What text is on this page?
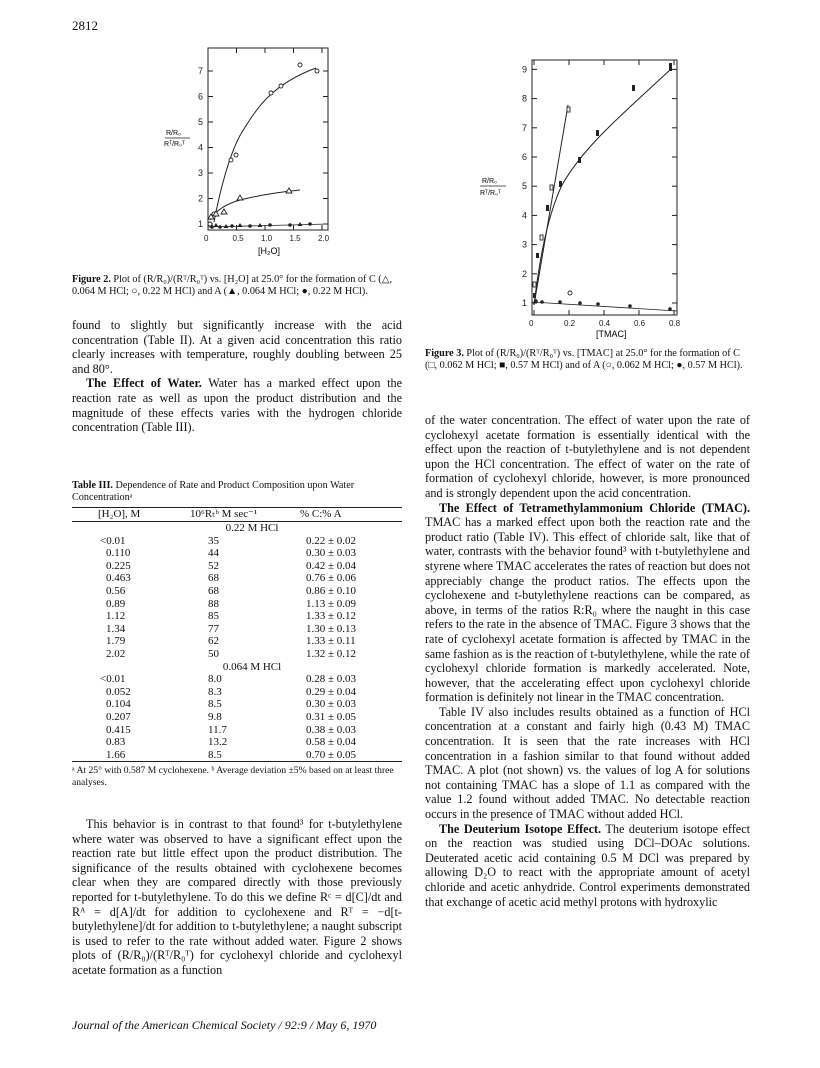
2812
1
2
3
4
5
6
7
0	0.5 1.0 1.5 2.0
R/R₀
Rᵀ/R₀ᵀ
[H₂O]
Figure 2. Plot of (R/R₀)/(Rᵀ/R₀ᵀ) vs. [H₂O] at 25.0° for the formation of C (△, 0.064 M HCl; ○, 0.22 M HCl) and A (▲, 0.064 M HCl; ●, 0.22 M HCl).
1
2
3
4
5
6
7
8
9
0	0.2	0.4	0.6	0.8
R/R₀
Rᵀ/R₀ᵀ
[TMAC]
Figure 3. Plot of (R/R₀)/(Rᵀ/R₀ᵀ) vs. [TMAC] at 25.0° for the formation of C (□, 0.062 M HCl; ■, 0.57 M HCl) and of A (○, 0.062 M HCl; ●, 0.57 M HCl).

found to slightly but significantly increase with the acid concentration (Table II). At a given acid concentration this ratio clearly increases with temperature, roughly doubling between 25 and 80°.

The Effect of Water. Water has a marked effect upon the reaction rate as well as upon the product distribution and the magnitude of these effects varies with the hydrogen chloride concentration (Table III).

Table III. Dependence of Rate and Product Composition upon Water Concentrationᵃ
[H₂O], M	10⁶Rₜᵇ M sec⁻¹	% C:% A
0.22 M HCl		
<0.01	35	0.22 ± 0.02
0.110	44	0.30 ± 0.03
0.225	52	0.42 ± 0.04
0.463	68	0.76 ± 0.06
0.56	68	0.86 ± 0.10
0.89	88	1.13 ± 0.09
1.12	85	1.33 ± 0.12
1.34	77	1.30 ± 0.13
1.79	62	1.33 ± 0.11
2.02	50	1.32 ± 0.12
0.064 M HCl		
<0.01	8.0	0.28 ± 0.03
0.052	8.3	0.29 ± 0.04
0.104	8.5	0.30 ± 0.03
0.207	9.8	0.31 ± 0.05
0.415	11.7	0.38 ± 0.03
0.83	13.2	0.58 ± 0.04
1.66	8.5	0.70 ± 0.05
ᵃ At 25° with 0.587 M cyclohexene. ᵇ Average deviation ±5% based on at least three analyses.

This behavior is in contrast to that found³ for t-butylethylene where water was observed to have a significant effect upon the reaction rate but little effect upon the product distribution. The significance of the results obtained with cyclohexene becomes clear when they are compared directly with those previously reported for t-butylethylene. To do this we define Rᶜ = d[C]/dt and Rᴬ = d[A]/dt for addition to cyclohexene and Rᵀ = −d[t-butylethylene]/dt for addition to t-butylethylene; a naught subscript is used to refer to the rate without added water. Figure 2 shows plots of (R/R₀)/(Rᵀ/R₀ᵀ) for cyclohexyl chloride and cyclohexyl acetate formation as a function

of the water concentration. The effect of water upon the rate of cyclohexyl acetate formation is essentially identical with the effect upon the reaction of t-butylethylene and is not dependent upon the HCl concentration. The effect of water on the rate of formation of cyclohexyl chloride, however, is more pronounced and is strongly dependent upon the acid concentration.

The Effect of Tetramethylammonium Chloride (TMAC). TMAC has a marked effect upon both the reaction rate and the product ratio (Table IV). This effect of chloride salt, like that of water, contrasts with the behavior found³ with t-butylethylene and styrene where TMAC accelerates the rates of reaction but does not appreciably change the product ratios. The effects upon the cyclohexene and t-butylethylene reactions can be compared, as above, in terms of the ratios R:R₀ where the naught in this case refers to the rate in the absence of TMAC. Figure 3 shows that the rate of cyclohexyl acetate formation is affected by TMAC in the same fashion as is the reaction of t-butylethylene, while the rate of cyclohexyl chloride formation is markedly accelerated. Note, however, that the accelerating effect upon cyclohexyl chloride formation is definitely not linear in the TMAC concentration.

Table IV also includes results obtained as a function of HCl concentration at a constant and fairly high (0.43 M) TMAC concentration. It is seen that the rate increases with HCl concentration in a fashion similar to that found without added TMAC. A plot (not shown) vs. the values of log A for solutions not containing TMAC has a slope of 1.1 as compared with the value 1.2 found without added TMAC. No detectable reaction occurs in the presence of TMAC without added HCl.

The Deuterium Isotope Effect. The deuterium isotope effect on the reaction was studied using DCl–DOAc solutions. Deuterated acetic acid containing 0.5 M DCl was prepared by allowing D₂O to react with the appropriate amount of acetyl chloride and acetic anhydride. Control experiments demonstrated that exchange of acetic acid methyl protons with hydroxylic

Journal of the American Chemical Society / 92:9 / May 6, 1970
